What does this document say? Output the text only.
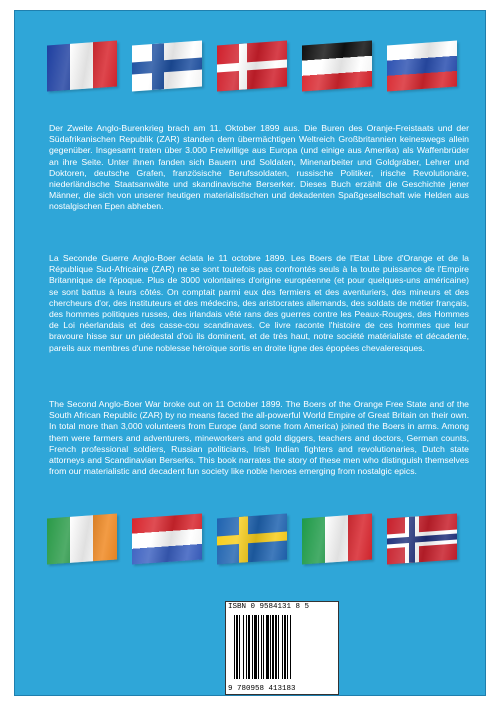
Der Zweite Anglo-Burenkrieg brach am 11. Oktober 1899 aus. Die Buren des Oranje-Freistaats und der Südafrikanischen Republik (ZAR) standen dem übermächtigen Weltreich Großbritannien keineswegs allein gegenüber. Insgesamt traten über 3.000 Freiwillige aus Europa (und einige aus Amerika) als Waffenbrüder an ihre Seite. Unter ihnen fanden sich Bauern und Soldaten, Minenarbeiter und Goldgräber, Lehrer und Doktoren, deutsche Grafen, französische Berufssoldaten, russische Politiker, irische Revolutionäre, niederländische Staatsanwälte und skandinavische Berserker. Dieses Buch erzählt die Geschichte jener Männer, die sich von unserer heutigen materialistischen und dekadenten Spaßgesellschaft wie Helden aus nostalgischen Epen abheben.
La Seconde Guerre Anglo-Boer éclata le 11 octobre 1899. Les Boers de l'Etat Libre d'Orange et de la République Sud-Africaine (ZAR) ne se sont toutefois pas confrontés seuls à la toute puissance de l'Empire Britannique de l'époque. Plus de 3000 volontaires d'origine européenne (et pour quelques-uns américaine) se sont battus à leurs côtés. On comptait parmi eux des fermiers et des aventuriers, des mineurs et des chercheurs d'or, des instituteurs et des médecins, des aristocrates allemands, des soldats de métier français, des hommes politiques russes, des irlandais vêté rans des guerres contre les Peaux-Rouges, des Hommes de Loi néerlandais et des casse-cou scandinaves. Ce livre raconte l'histoire de ces hommes que leur bravoure hisse sur un piédestal d'où ils dominent, et de très haut, notre société matérialiste et décadente, pareils aux membres d'une noblesse héroïque sortis en droite ligne des épopées chevaleresques.
The Second Anglo-Boer War broke out on 11 October 1899. The Boers of the Orange Free State and of the South African Republic (ZAR) by no means faced the all-powerful World Empire of Great Britain on their own. In total more than 3,000 volunteers from Europe (and some from America) joined the Boers in arms. Among them were farmers and adventurers, mineworkers and gold diggers, teachers and doctors, German counts, French professional soldiers, Russian politicians, Irish Indian fighters and revolutionaries, Dutch state attorneys and Scandinavian Berserks. This book narrates the story of these men who distinguish themselves from our materialistic and decadent fun society like noble heroes emerging from nostalgic epics.
ISBN 0 9584131 8 5
9 780958 413183
